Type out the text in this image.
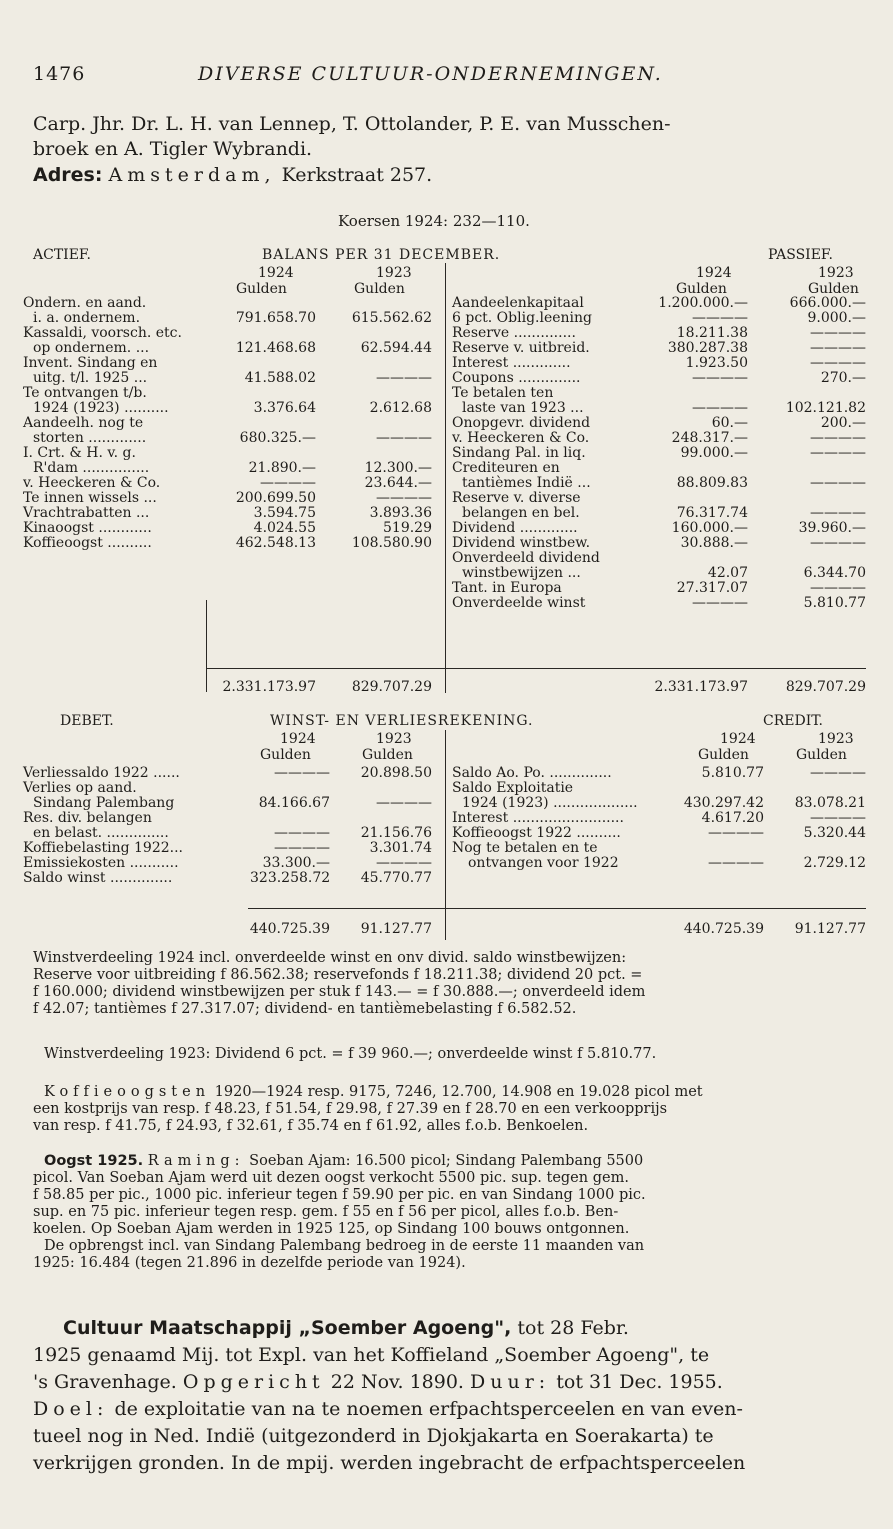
1476	DIVERSE CULTUUR-ONDERNEMINGEN.
Carp. Jhr. Dr. L. H. van Lennep, T. Ottolander, P. E. van Musschen-
broek en A. Tigler Wybrandi.
Adres: Amsterdam, Kerkstraat 257.
Koersen 1924: 232—110.
ACTIEF.	BALANS PER 31 DECEMBER.	PASSIEF.
1924	1923
Gulden	Gulden
1924	1923
Gulden	Gulden
Ondern. en aand.
i. a. ondernem.	791.658.70	615.562.62
Kassaldi, voorsch. etc.
op ondernem. ...	121.468.68	62.594.44
Invent. Sindang en
uitg. t/l. 1925 ...	41.588.02	————
Te ontvangen t/b.
1924 (1923) ..........	3.376.64	2.612.68
Aandeelh. nog te
storten .............	680.325.—	————
I. Crt. & H. v. g.
R'dam ...............	21.890.—	12.300.—
v. Heeckeren & Co.	————	23.644.—
Te innen wissels ...	200.699.50	————
Vrachtrabatten ...	3.594.75	3.893.36
Kinaoogst ............	4.024.55	519.29
Koffieoogst ..........	462.548.13	108.580.90
Aandeelenkapitaal	1.200.000.—	666.000.—
6 pct. Oblig.leening	————	9.000.—
Reserve ..............	18.211.38	————
Reserve v. uitbreid.	380.287.38	————
Interest .............	1.923.50	————
Coupons ..............	————	270.—
Te betalen ten
laste van 1923 ...	————	102.121.82
Onopgevr. dividend	60.—	200.—
v. Heeckeren & Co.	248.317.—	————
Sindang Pal. in liq.	99.000.—	————
Crediteuren en
tantièmes Indië ...	88.809.83	————
Reserve v. diverse
belangen en bel.	76.317.74	————
Dividend .............	160.000.—	39.960.—
Dividend winstbew.	30.888.—	————
Onverdeeld dividend
winstbewijzen ...	42.07	6.344.70
Tant. in Europa	27.317.07	————
Onverdeelde winst	————	5.810.77
2.331.173.97	829.707.29	2.331.173.97	829.707.29
DEBET.	WINST- EN VERLIESREKENING.	CREDIT.
1924	1923
Gulden	Gulden
1924	1923
Gulden	Gulden
Verliessaldo 1922 ......	————	20.898.50
Verlies op aand.
Sindang Palembang	84.166.67	————
Res. div. belangen
en belast. ..............	————	21.156.76
Koffiebelasting 1922...	————	3.301.74
Emissiekosten ...........	33.300.—	————
Saldo winst ..............	323.258.72	45.770.77
Saldo Ao. Po. ..............	5.810.77	————
Saldo Exploitatie
1924 (1923) ...................	430.297.42	83.078.21
Interest .........................	4.617.20	————
Koffieoogst 1922 ..........	————	5.320.44
Nog te betalen en te
ontvangen voor 1922	————	2.729.12
440.725.39	91.127.77	440.725.39	91.127.77
Winstverdeeling 1924 incl. onverdeelde winst en onv divid. saldo winstbewijzen:
Reserve voor uitbreiding f 86.562.38; reservefonds f 18.211.38; dividend 20 pct. =
f 160.000; dividend winstbewijzen per stuk f 143.— = f 30.888.—; onverdeeld idem
f 42.07; tantièmes f 27.317.07; dividend- en tantièmebelasting f 6.582.52.
Winstverdeeling 1923: Dividend 6 pct. = f 39 960.—; onverdeelde winst f 5.810.77.
Koffieoogsten 1920—1924 resp. 9175, 7246, 12.700, 14.908 en 19.028 picol met
een kostprijs van resp. f 48.23, f 51.54, f 29.98, f 27.39 en f 28.70 en een verkoopprijs
van resp. f 41.75, f 24.93, f 32.61, f 35.74 en f 61.92, alles f.o.b. Benkoelen.
Oogst 1925. Raming: Soeban Ajam: 16.500 picol; Sindang Palembang 5500
picol. Van Soeban Ajam werd uit dezen oogst verkocht 5500 pic. sup. tegen gem.
f 58.85 per pic., 1000 pic. inferieur tegen f 59.90 per pic. en van Sindang 1000 pic.
sup. en 75 pic. inferieur tegen resp. gem. f 55 en f 56 per picol, alles f.o.b. Ben-
koelen. Op Soeban Ajam werden in 1925 125, op Sindang 100 bouws ontgonnen.
De opbrengst incl. van Sindang Palembang bedroeg in de eerste 11 maanden van
1925: 16.484 (tegen 21.896 in dezelfde periode van 1924).
Cultuur Maatschappij „Soember Agoeng", tot 28 Febr.
1925 genaamd Mij. tot Expl. van het Koffieland „Soember Agoeng", te
's Gravenhage. Opgericht 22 Nov. 1890. Duur: tot 31 Dec. 1955.
Doel: de exploitatie van na te noemen erfpachtsperceelen en van even-
tueel nog in Ned. Indië (uitgezonderd in Djokjakarta en Soerakarta) te
verkrijgen gronden. In de mpij. werden ingebracht de erfpachtsperceelen
